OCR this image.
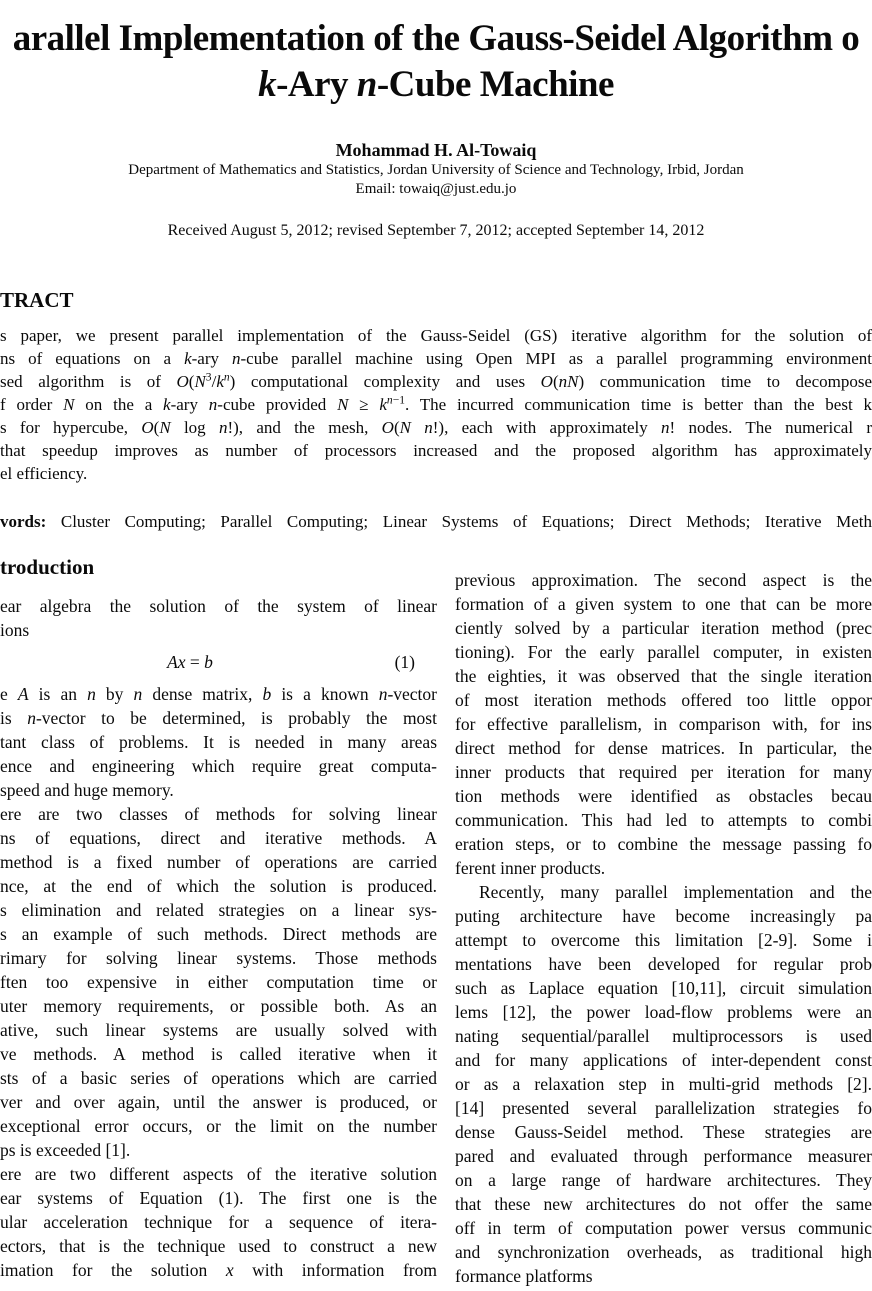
arallel Implementation of the Gauss-Seidel Algorithm o
k-Ary n-Cube Machine
Mohammad H. Al-Towaiq
Department of Mathematics and Statistics, Jordan University of Science and Technology, Irbid, Jordan
Email: towaiq@just.edu.jo
Received August 5, 2012; revised September 7, 2012; accepted September 14, 2012
TRACT
s paper, we present parallel implementation of the Gauss-Seidel (GS) iterative algorithm for the solution of
ns of equations on a k-ary n-cube parallel machine using Open MPI as a parallel programming environment
sed algorithm is of $O(N^3/k^n)$ computational complexity and uses O(nN) communication time to decompose
f order N on the a k-ary n-cube provided $N \ge k^{n-1}$. The incurred communication time is better than the best k
s for hypercube, O(N log n!), and the mesh, O(N n!), each with approximately n! nodes. The numerical r
that speedup improves as number of processors increased and the proposed algorithm has approximately
el efficiency.
vords: Cluster Computing; Parallel Computing; Linear Systems of Equations; Direct Methods; Iterative Meth
troduction
ear algebra the solution of the system of linear
ions
Ax = b	(1)
e A is an n by n dense matrix, b is a known n-vector
is n-vector to be determined, is probably the most
tant class of problems. It is needed in many areas
ence and engineering which require great computa-
speed and huge memory.
ere are two classes of methods for solving linear
ns of equations, direct and iterative methods. A
method is a fixed number of operations are carried
nce, at the end of which the solution is produced.
s elimination and related strategies on a linear sys-
s an example of such methods. Direct methods are
rimary for solving linear systems. Those methods
ften too expensive in either computation time or
uter memory requirements, or possible both. As an
ative, such linear systems are usually solved with
ve methods. A method is called iterative when it
sts of a basic series of operations which are carried
ver and over again, until the answer is produced, or
exceptional error occurs, or the limit on the number
ps is exceeded [1].
ere are two different aspects of the iterative solution
ear systems of Equation (1). The first one is the
ular acceleration technique for a sequence of itera-
ectors, that is the technique used to construct a new
imation for the solution x with information from
previous approximation. The second aspect is the
formation of a given system to one that can be more
ciently solved by a particular iteration method (prec
tioning). For the early parallel computer, in existen
the eighties, it was observed that the single iteration
of most iteration methods offered too little oppor
for effective parallelism, in comparison with, for ins
direct method for dense matrices. In particular, the
inner products that required per iteration for many
tion methods were identified as obstacles becau
communication. This had led to attempts to combi
eration steps, or to combine the message passing fo
ferent inner products.
Recently, many parallel implementation and the
puting architecture have become increasingly pa
attempt to overcome this limitation [2-9]. Some i
mentations have been developed for regular prob
such as Laplace equation [10,11], circuit simulation
lems [12], the power load-flow problems were an
nating sequential/parallel multiprocessors is used
and for many applications of inter-dependent const
or as a relaxation step in multi-grid methods [2].
[14] presented several parallelization strategies fo
dense Gauss-Seidel method. These strategies are
pared and evaluated through performance measurer
on a large range of hardware architectures. They
that these new architectures do not offer the same
off in term of computation power versus communic
and synchronization overheads, as traditional high
formance platforms
